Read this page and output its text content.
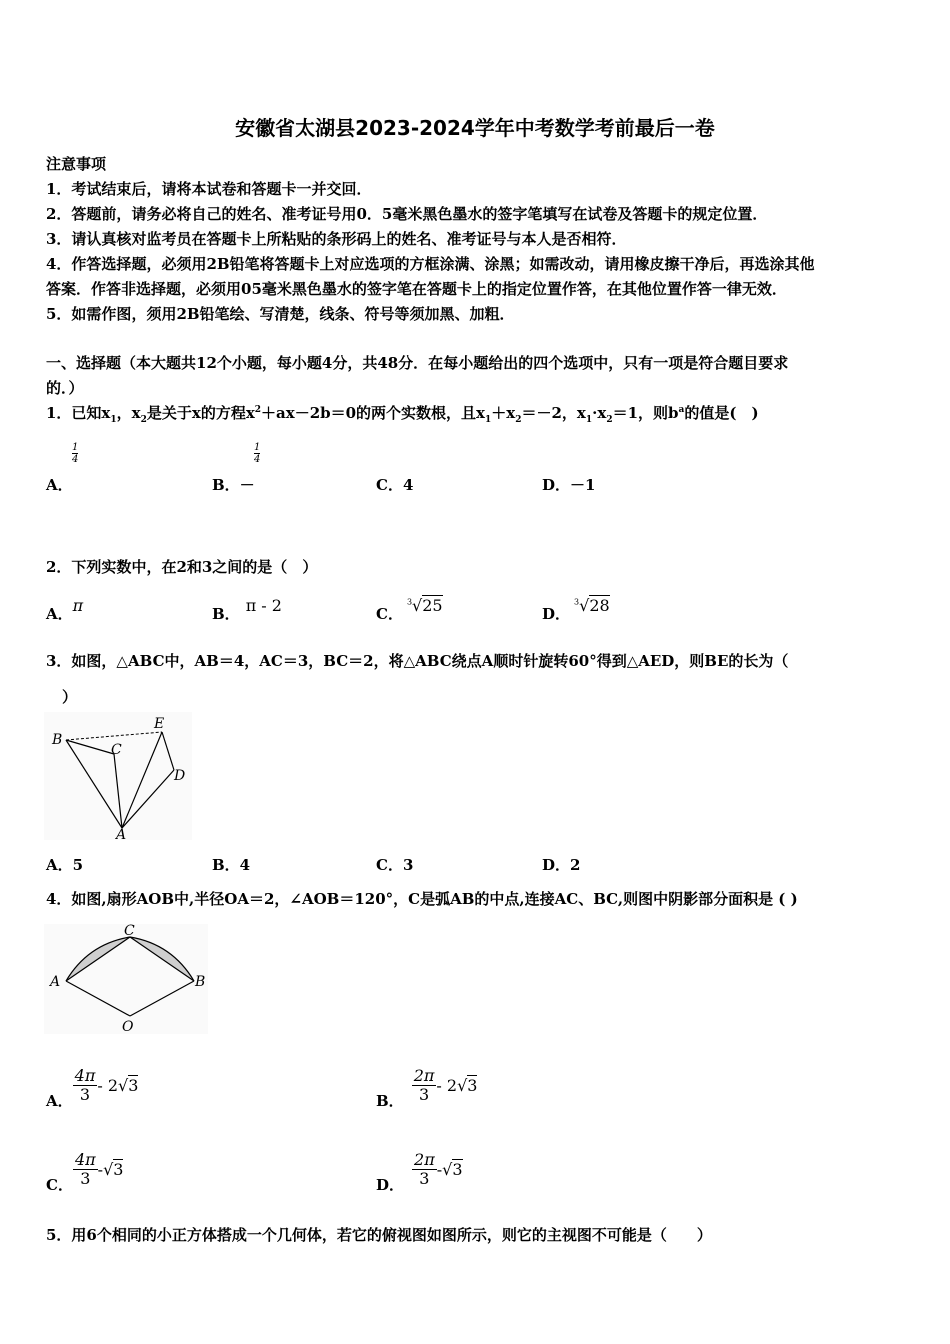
安徽省太湖县2023-2024学年中考数学考前最后一卷
注意事项
1．考试结束后，请将本试卷和答题卡一并交回．
2．答题前，请务必将自己的姓名、准考证号用0．5毫米黑色墨水的签字笔填写在试卷及答题卡的规定位置．
3．请认真核对监考员在答题卡上所粘贴的条形码上的姓名、准考证号与本人是否相符．
4．作答选择题，必须用2B铅笔将答题卡上对应选项的方框涂满、涂黑；如需改动，请用橡皮擦干净后，再选涂其他
答案．作答非选择题，必须用05毫米黑色墨水的签字笔在答题卡上的指定位置作答，在其他位置作答一律无效．
5．如需作图，须用2B铅笔绘、写清楚，线条、符号等须加黑、加粗．
一、选择题（本大题共12个小题，每小题4分，共48分．在每小题给出的四个选项中，只有一项是符合题目要求
的．）
1．已知$x_1$，$x_2$是关于x的方程$x^2+ax-2b=0$的两个实数根，且$x_1+x_2=-2$，$x_1\cdot x_2=1$，则$b^a$的值是(　)
1
4
A．
1
4
B．－	C．4	D．－1
2．下列实数中，在2和3之间的是（　）
A．π	B． π - 2	C．$^3$√25	D．$^3$√28
3．如图，△ABC中，AB＝4，AC＝3，BC＝2，将△ABC绕点A顺时针旋转60°得到△AED，则BE的长为（
）
B
C
E
D
A
A．5	B．4	C．3	D．2
4．如图,扇形AOB中,半径OA＝2，∠AOB＝120°，C是弧AB的中点,连接AC、BC,则图中阴影部分面积是 ( )
A
C
B
O
A． $\frac{4\pi}{3} - 2$ √3
B． $\frac{2\pi}{3} - 2$ √3
C． $\frac{4\pi}{3} - √3$
D． $\frac{2\pi}{3} - √3$
5．用6个相同的小正方体搭成一个几何体，若它的俯视图如图所示，则它的主视图不可能是（　　）
